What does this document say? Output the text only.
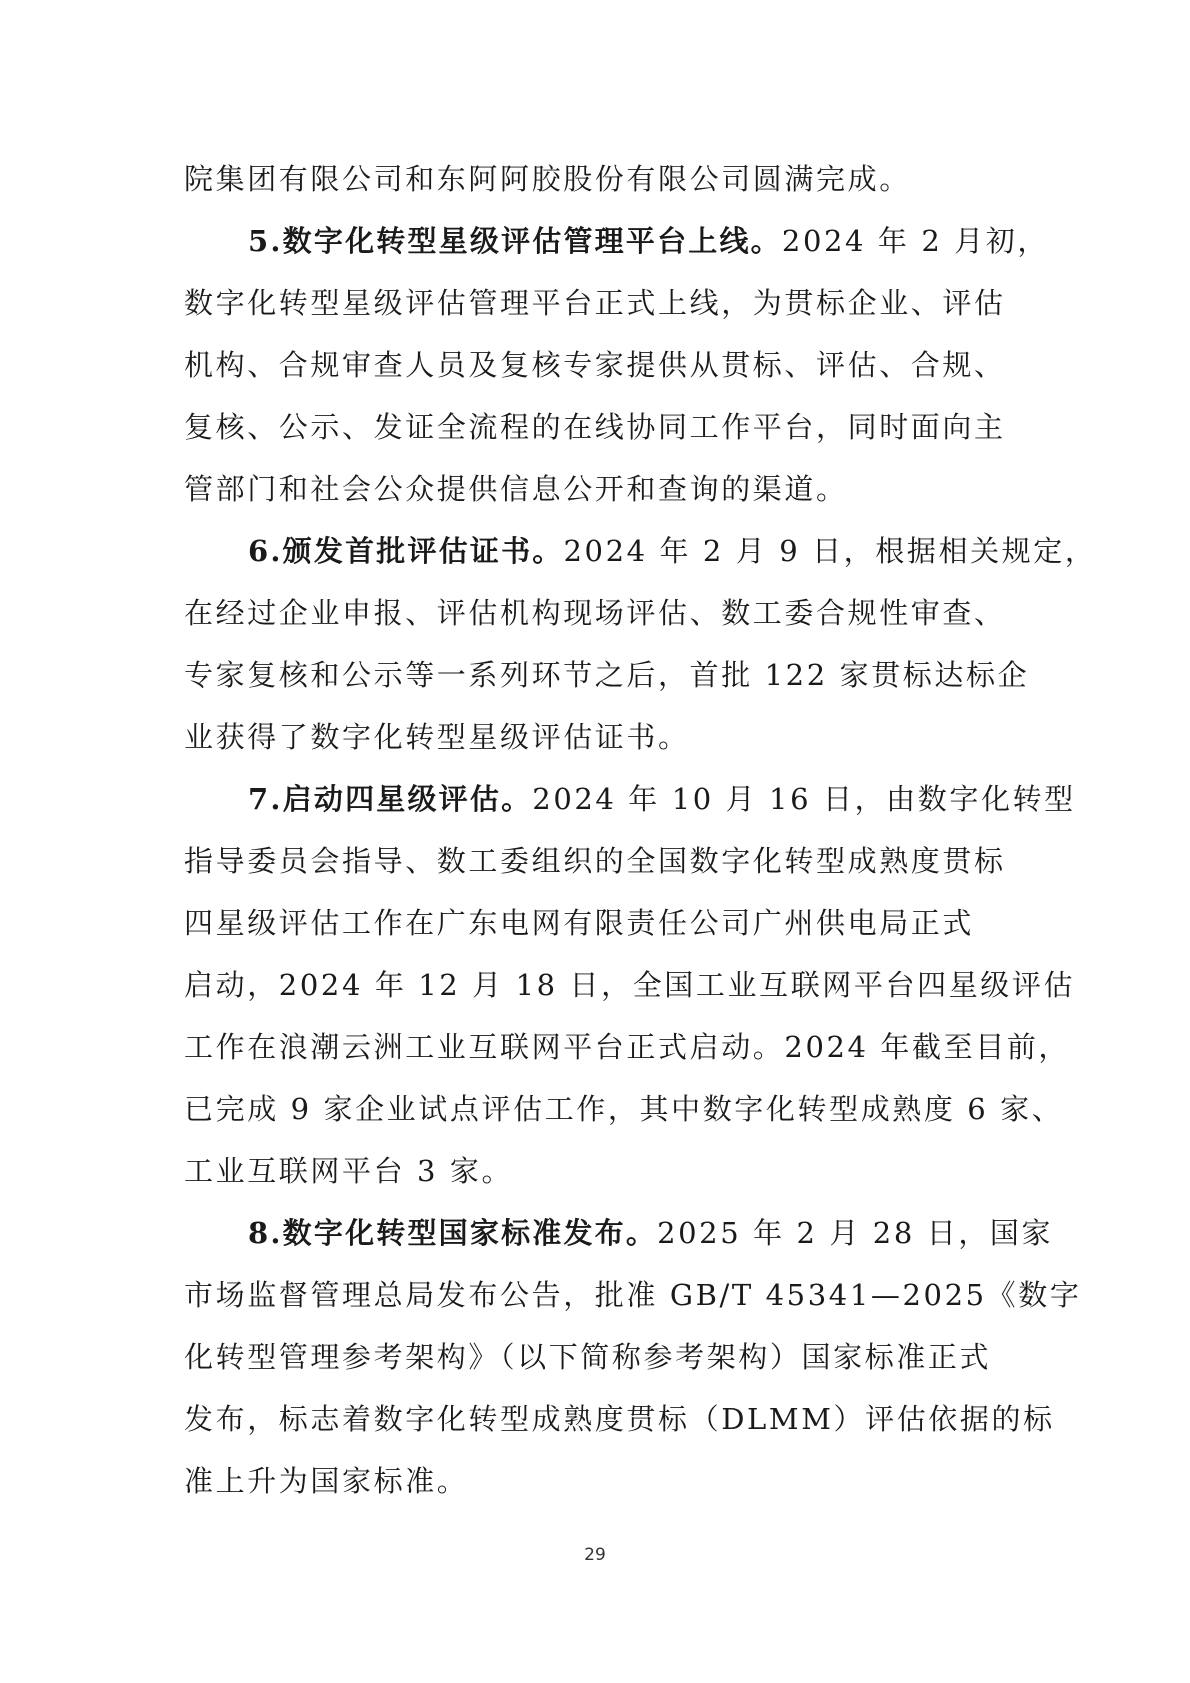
院集团有限公司和东阿阿胶股份有限公司圆满完成。
5.数字化转型星级评估管理平台上线。2024 年 2 月初，
数字化转型星级评估管理平台正式上线，为贯标企业、评估
机构、合规审查人员及复核专家提供从贯标、评估、合规、
复核、公示、发证全流程的在线协同工作平台，同时面向主
管部门和社会公众提供信息公开和查询的渠道。
6.颁发首批评估证书。2024 年 2 月 9 日，根据相关规定，
在经过企业申报、评估机构现场评估、数工委合规性审查、
专家复核和公示等一系列环节之后，首批 122 家贯标达标企
业获得了数字化转型星级评估证书。
7.启动四星级评估。2024 年 10 月 16 日，由数字化转型
指导委员会指导、数工委组织的全国数字化转型成熟度贯标
四星级评估工作在广东电网有限责任公司广州供电局正式
启动，2024 年 12 月 18 日，全国工业互联网平台四星级评估
工作在浪潮云洲工业互联网平台正式启动。2024 年截至目前，
已完成 9 家企业试点评估工作，其中数字化转型成熟度 6 家、
工业互联网平台 3 家。
8.数字化转型国家标准发布。2025 年 2 月 28 日，国家
市场监督管理总局发布公告，批准 GB/T 45341—2025《数字
化转型管理参考架构》（以下简称参考架构）国家标准正式
发布，标志着数字化转型成熟度贯标（DLMM）评估依据的标
准上升为国家标准。
29
